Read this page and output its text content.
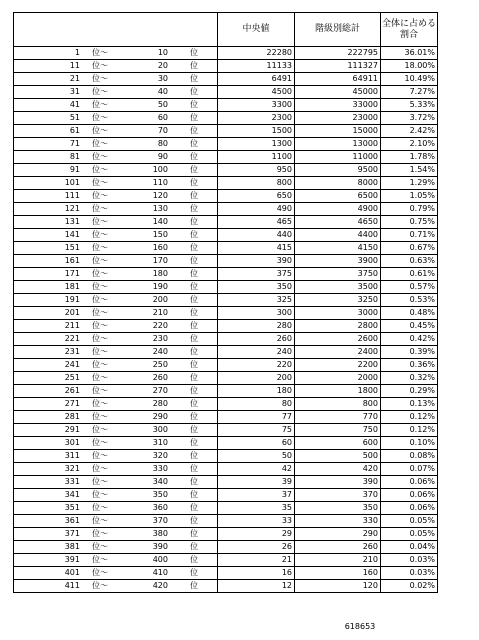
	中央値	階級別総計	全体に占める
割合

1 位～ 10 位	22280	222795	36.01%

11 位～ 20 位	11133	111327	18.00%

21 位～ 30 位	6491	64911	10.49%

31 位～ 40 位	4500	45000	7.27%

41 位～ 50 位	3300	33000	5.33%

51 位～ 60 位	2300	23000	3.72%

61 位～ 70 位	1500	15000	2.42%

71 位～ 80 位	1300	13000	2.10%

81 位～ 90 位	1100	11000	1.78%

91 位～ 100 位	950	9500	1.54%

101 位～ 110 位	800	8000	1.29%

111 位～ 120 位	650	6500	1.05%

121 位～ 130 位	490	4900	0.79%

131 位～ 140 位	465	4650	0.75%

141 位～ 150 位	440	4400	0.71%

151 位～ 160 位	415	4150	0.67%

161 位～ 170 位	390	3900	0.63%

171 位～ 180 位	375	3750	0.61%

181 位～ 190 位	350	3500	0.57%

191 位～ 200 位	325	3250	0.53%

201 位～ 210 位	300	3000	0.48%

211 位～ 220 位	280	2800	0.45%

221 位～ 230 位	260	2600	0.42%

231 位～ 240 位	240	2400	0.39%

241 位～ 250 位	220	2200	0.36%

251 位～ 260 位	200	2000	0.32%

261 位～ 270 位	180	1800	0.29%

271 位～ 280 位	80	800	0.13%

281 位～ 290 位	77	770	0.12%

291 位～ 300 位	75	750	0.12%

301 位～ 310 位	60	600	0.10%

311 位～ 320 位	50	500	0.08%

321 位～ 330 位	42	420	0.07%

331 位～ 340 位	39	390	0.06%

341 位～ 350 位	37	370	0.06%

351 位～ 360 位	35	350	0.06%

361 位～ 370 位	33	330	0.05%

371 位～ 380 位	29	290	0.05%

381 位～ 390 位	26	260	0.04%

391 位～ 400 位	21	210	0.03%

401 位～ 410 位	16	160	0.03%

411 位～ 420 位	12	120	0.02%
618653
